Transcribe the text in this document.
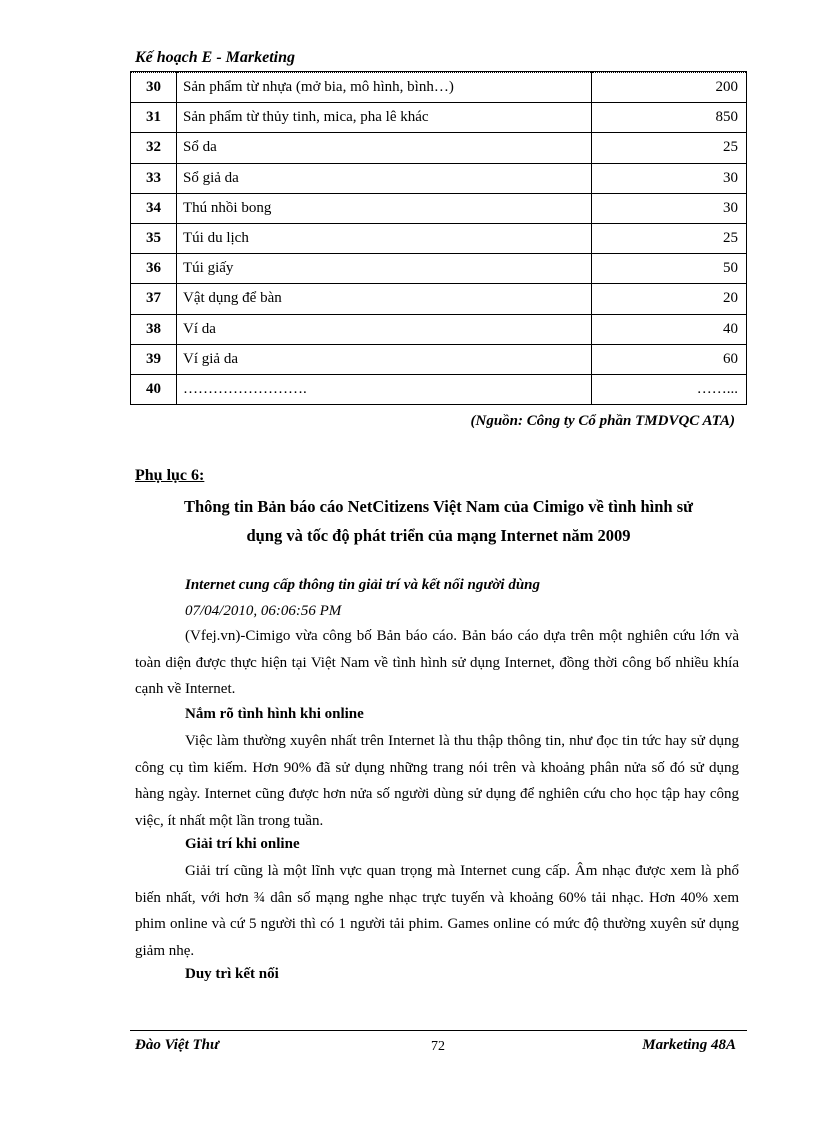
Kế hoạch E - Marketing
30	Sản phẩm từ nhựa (mở bia, mô hình, bình…)	200
31	Sản phẩm từ thủy tinh, mica, pha lê khác	850
32	Sổ da	25
33	Sổ giả da	30
34	Thú nhồi bong	30
35	Túi du lịch	25
36	Túi giấy	50
37	Vật dụng để bàn	20
38	Ví da	40
39	Ví giả da	60
40	…………………….	……...
(Nguồn: Công ty Cổ phần TMDVQC ATA)
Phụ lục 6:
Thông tin Bản báo cáo NetCitizens Việt Nam của Cimigo về tình hình sử
dụng và tốc độ phát triển của mạng Internet năm 2009
Internet cung cấp thông tin giải trí và kết nối người dùng
07/04/2010, 06:06:56 PM
(Vfej.vn)-Cimigo vừa công bố Bản báo cáo. Bản báo cáo dựa trên một nghiên cứu lớn và toàn diện được thực hiện tại Việt Nam về tình hình sử dụng Internet, đồng thời công bố nhiều khía cạnh về Internet.
Nắm rõ tình hình khi online
Việc làm thường xuyên nhất trên Internet là thu thập thông tin, như đọc tin tức hay sử dụng công cụ tìm kiếm. Hơn 90% đã sử dụng những trang nói trên và khoảng phân nửa số đó sử dụng hàng ngày. Internet cũng được hơn nửa số người dùng sử dụng để nghiên cứu cho học tập hay công việc, ít nhất một lần trong tuần.
Giải trí khi online
Giải trí cũng là một lĩnh vực quan trọng mà Internet cung cấp. Âm nhạc được xem là phổ biến nhất, với hơn ¾ dân số mạng nghe nhạc trực tuyến và khoảng 60% tải nhạc. Hơn 40% xem phim online và cứ 5 người thì có 1 người tải phim. Games online có mức độ thường xuyên sử dụng giảm nhẹ.
Duy trì kết nối
Đào Việt Thư	72	Marketing 48A
